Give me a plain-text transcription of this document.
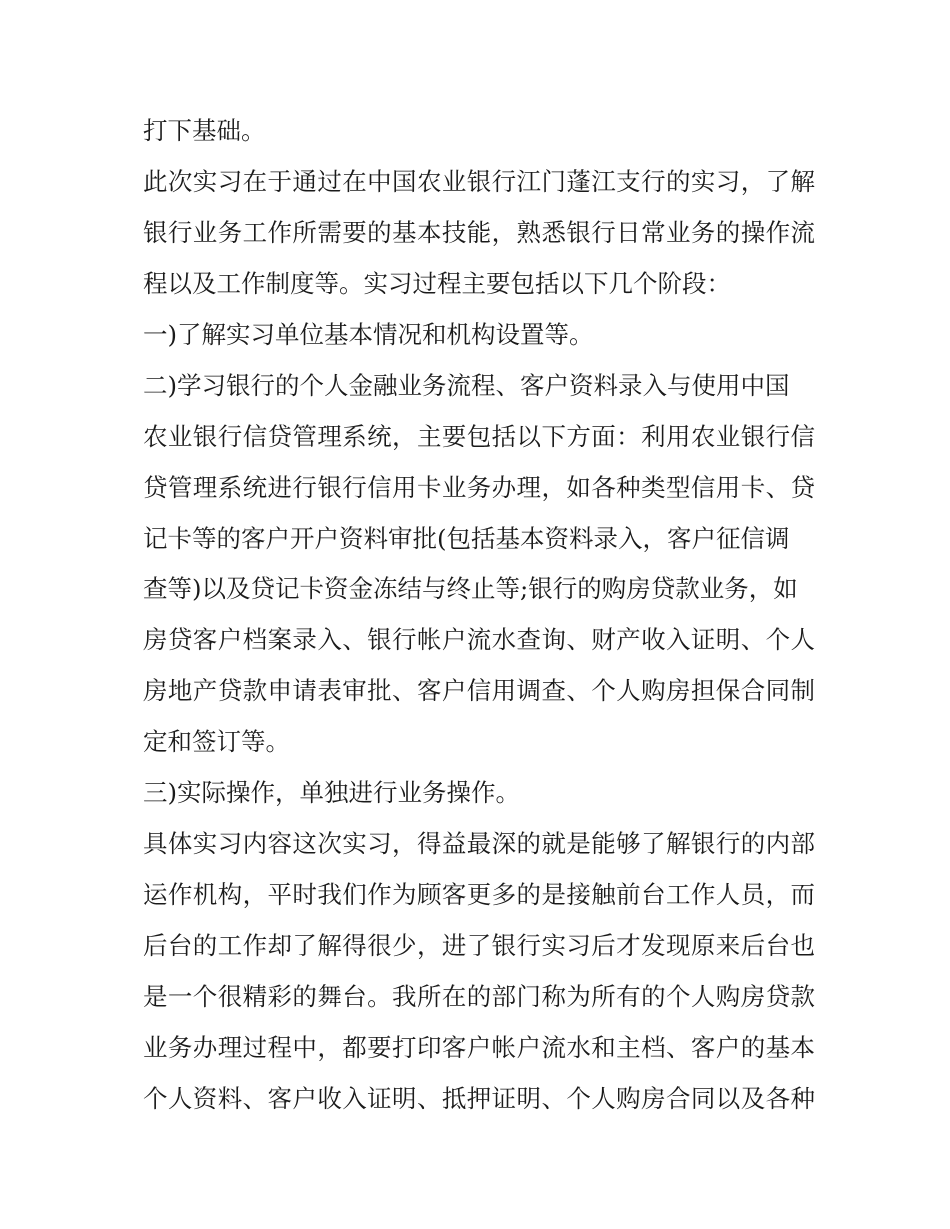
打下基础。
此次实习在于通过在中国农业银行江门蓬江支行的实习，了解
银行业务工作所需要的基本技能，熟悉银行日常业务的操作流
程以及工作制度等。实习过程主要包括以下几个阶段：
一)了解实习单位基本情况和机构设置等。
二)学习银行的个人金融业务流程、客户资料录入与使用中国
农业银行信贷管理系统，主要包括以下方面：利用农业银行信
贷管理系统进行银行信用卡业务办理，如各种类型信用卡、贷
记卡等的客户开户资料审批(包括基本资料录入，客户征信调
查等)以及贷记卡资金冻结与终止等;银行的购房贷款业务，如
房贷客户档案录入、银行帐户流水查询、财产收入证明、个人
房地产贷款申请表审批、客户信用调查、个人购房担保合同制
定和签订等。
三)实际操作，单独进行业务操作。
具体实习内容这次实习，得益最深的就是能够了解银行的内部
运作机构，平时我们作为顾客更多的是接触前台工作人员，而
后台的工作却了解得很少，进了银行实习后才发现原来后台也
是一个很精彩的舞台。我所在的部门称为所有的个人购房贷款
业务办理过程中，都要打印客户帐户流水和主档、客户的基本
个人资料、客户收入证明、抵押证明、个人购房合同以及各种
